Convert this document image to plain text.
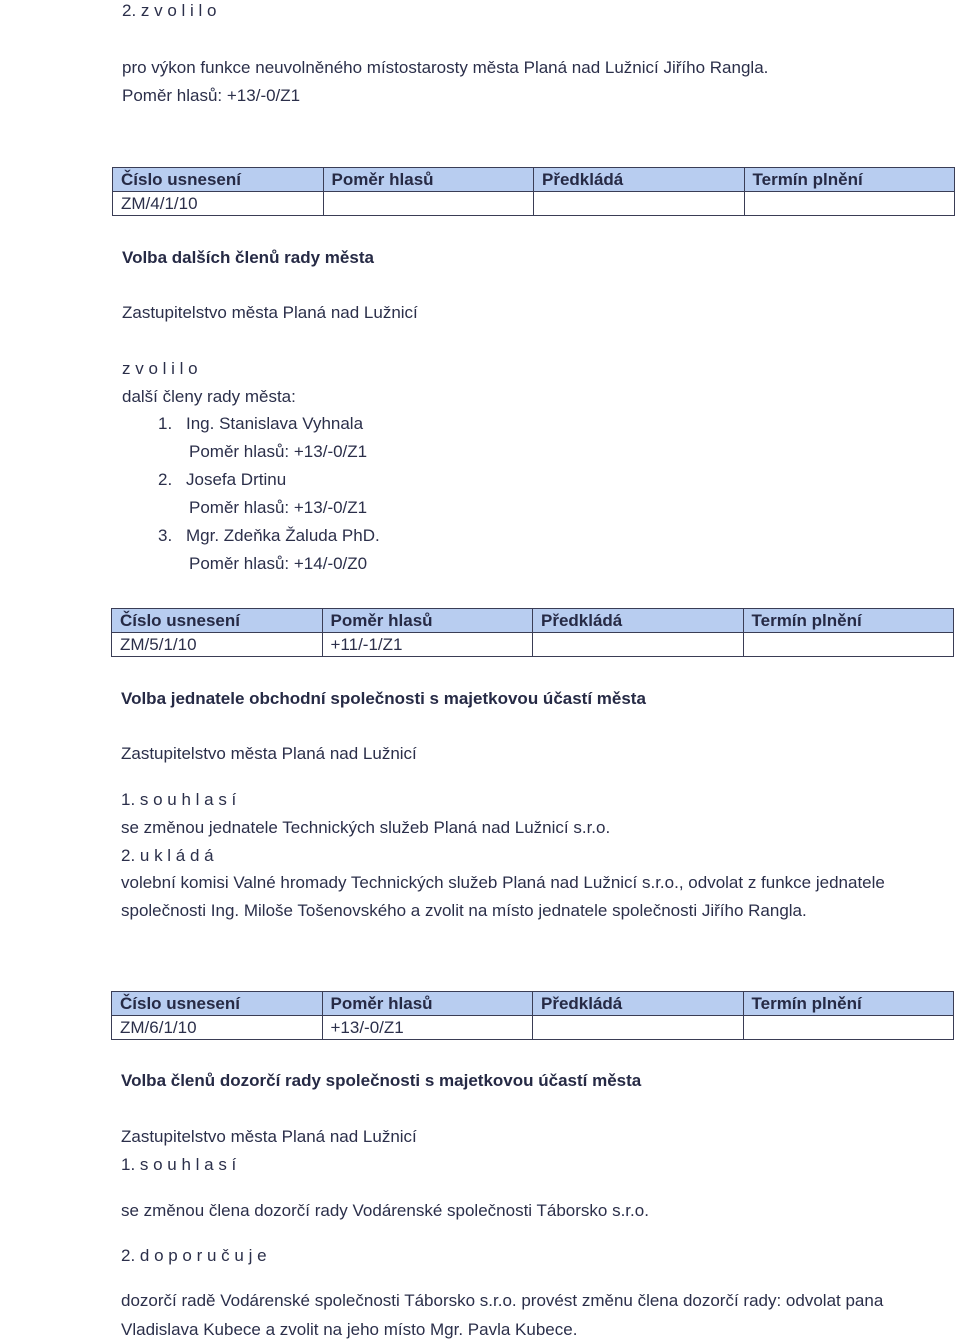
2. z v o l i l o
pro výkon funkce neuvolněného místostarosty města Planá nad Lužnicí Jiřího Rangla.
Poměr hlasů: +13/-0/Z1
Číslo usnesení	Poměr hlasů	Předkládá	Termín plnění
ZM/4/1/10			
Volba dalších členů rady města
Zastupitelstvo města Planá nad Lužnicí
z v o l i l o
další členy rady města:
1. Ing. Stanislava Vyhnala
Poměr hlasů: +13/-0/Z1
2. Josefa Drtinu
Poměr hlasů: +13/-0/Z1
3. Mgr. Zdeňka Žaluda PhD.
Poměr hlasů: +14/-0/Z0
Číslo usnesení	Poměr hlasů	Předkládá	Termín plnění
ZM/5/1/10	+11/-1/Z1		
Volba jednatele obchodní společnosti s majetkovou účastí města
Zastupitelstvo města Planá nad Lužnicí
1. s o u h l a s í
se změnou jednatele Technických služeb Planá nad Lužnicí s.r.o.
2. u k l á d á
volební komisi Valné hromady Technických služeb Planá nad Lužnicí s.r.o., odvolat z funkce jednatele
společnosti Ing. Miloše Tošenovského a zvolit na místo jednatele společnosti Jiřího Rangla.
Číslo usnesení	Poměr hlasů	Předkládá	Termín plnění
ZM/6/1/10	+13/-0/Z1		
Volba členů dozorčí rady společnosti s majetkovou účastí města
Zastupitelstvo města Planá nad Lužnicí
1. s o u h l a s í
se změnou člena dozorčí rady Vodárenské společnosti Táborsko s.r.o.
2. d o p o r u č u j e
dozorčí radě Vodárenské společnosti Táborsko s.r.o. provést změnu člena dozorčí rady: odvolat pana
Vladislava Kubece a zvolit na jeho místo Mgr. Pavla Kubece.
